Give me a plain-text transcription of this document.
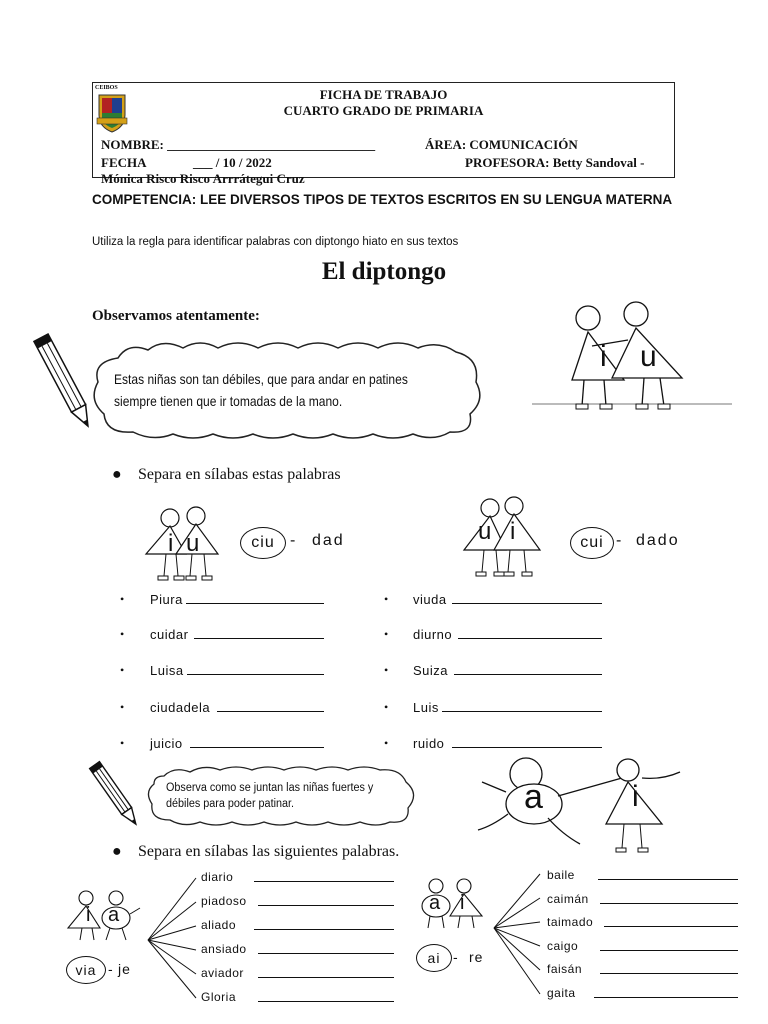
CEIBOS	FICHA DE TRABAJO
CUARTO GRADO DE PRIMARIA
NOMBRE: ________________________________	ÁREA: COMUNICACIÓN
FECHA	___ / 10 / 2022	PROFESORA: Betty Sandoval -
Mónica Risco Risco Arrrátegui Cruz
COMPETENCIA: LEE DIVERSOS TIPOS DE TEXTOS ESCRITOS EN SU LENGUA MATERNA
Utiliza la regla para identificar palabras con diptongo hiato en sus textos
El diptongo
Observamos atentamente:
Estas niñas son tan débiles, que para andar en patines siempre tienen que ir tomadas de la mano.
i u
● Separa en sílabas estas palabras
i u	ciu - dad	u i	cui - dado
• Piura
• cuidar
• Luisa
• ciudadela
• juicio
• viuda
• diurno
• Suiza
• Luis
• ruido
Observa como se juntan las niñas fuertes y débiles para poder patinar.	a	i
● Separa en sílabas las siguientes palabras.
i a
via - je
diario
piadoso
aliado
ansiado
aviador
Gloria
a i
ai - re
baile
caimán
taimado
caigo
faisán
gaita
